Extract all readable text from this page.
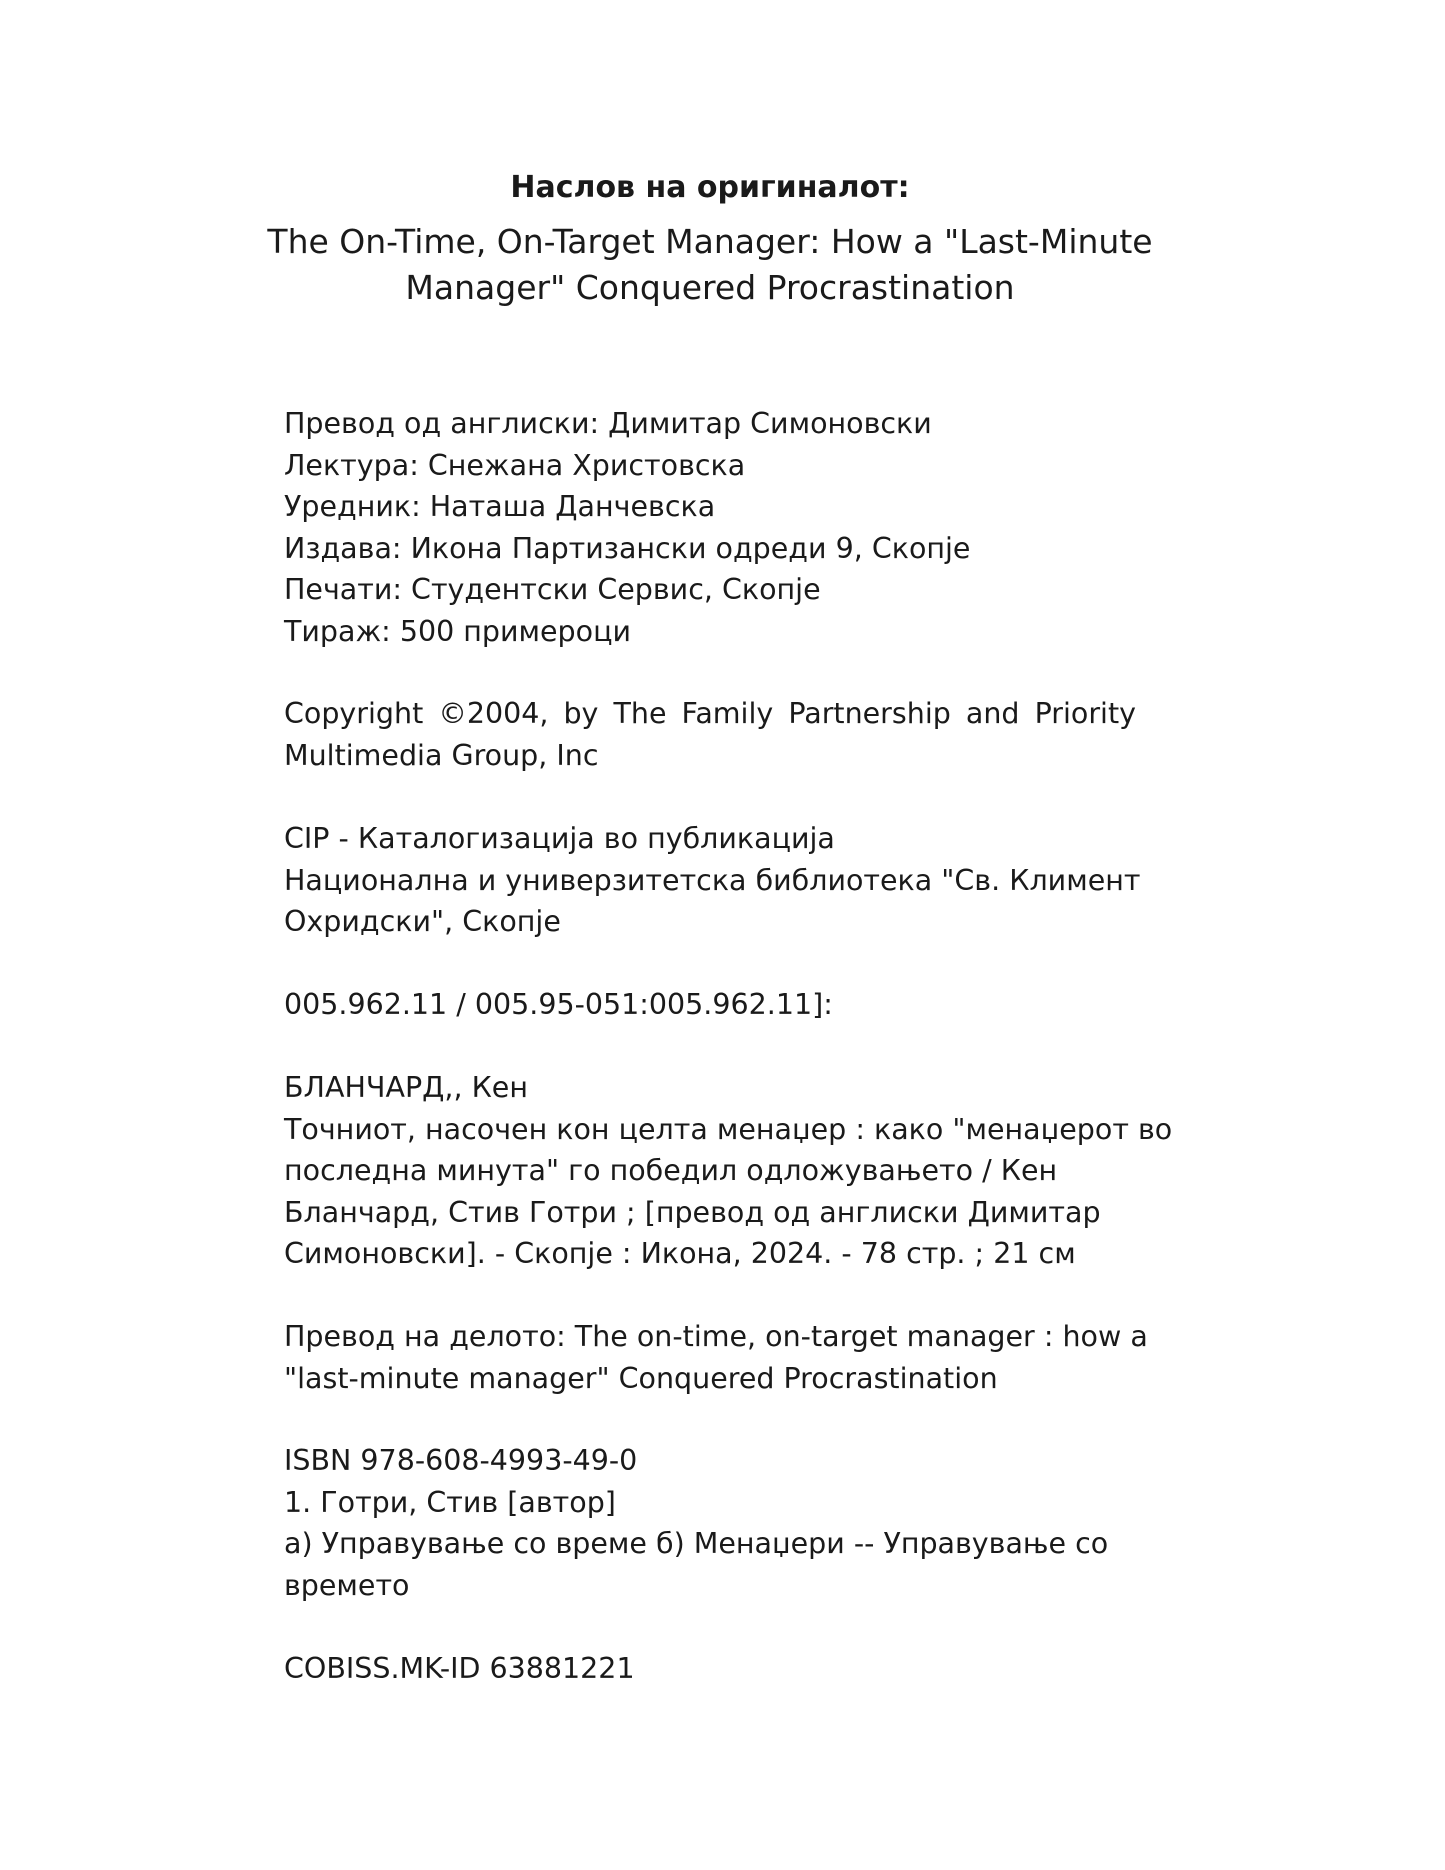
Наслов на оригиналот:
The On-Time, On-Target Manager: How a "Last-Minute
Manager" Conquered Procrastination
Превод од англиски: Димитар Симоновски
Лектура: Снежана Христовска
Уредник: Наташа Данчевска
Издава: Икона Партизански одреди 9, Скопје
Печати: Студентски Сервис, Скопје
Тираж: 500 примероци
Copyright ©2004, by The Family Partnership and Priority
Multimedia Group, Inc
CIP - Каталогизација во публикација
Национална и универзитетска библиотека "Св. Климент
Охридски", Скопје
005.962.11 / 005.95-051:005.962.11]:
БЛАНЧАРД,, Кен
Точниот, насочен кон целта менаџер : како "менаџерот во
последна минута" го победил одложувањето / Кен
Бланчард, Стив Готри ; [превод од англиски Димитар
Симоновски]. - Скопје : Икона, 2024. - 78 стр. ; 21 см
Превод на делото: The on-time, on-target manager : how a
"last-minute manager" Conquered Procrastination
ISBN 978-608-4993-49-0
1. Готри, Стив [автор]
а) Управување со време б) Менаџери -- Управување со
времето
COBISS.MK-ID 63881221
